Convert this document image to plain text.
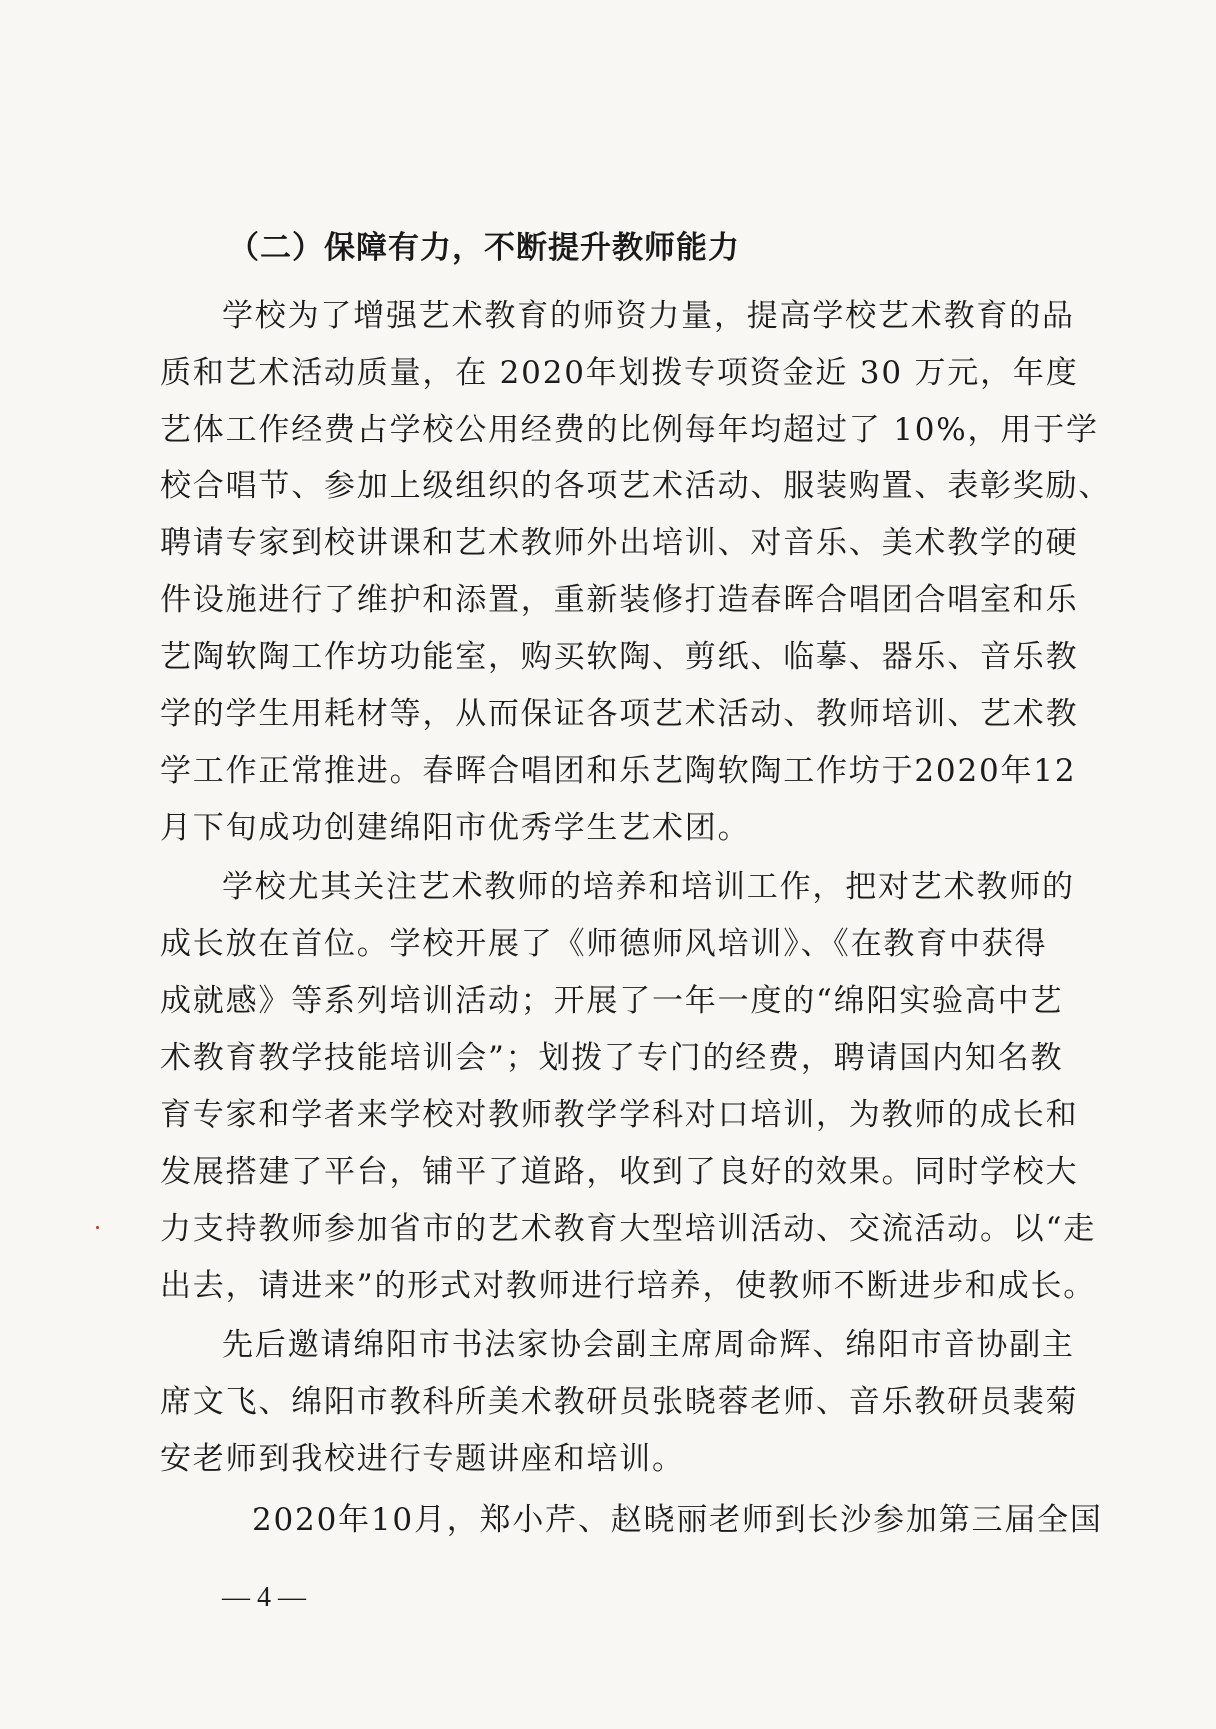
（二）保障有力，不断提升教师能力
学校为了增强艺术教育的师资力量，提高学校艺术教育的品
质和艺术活动质量，在 2020年划拨专项资金近 30 万元，年度
艺体工作经费占学校公用经费的比例每年均超过了 10%，用于学
校合唱节、参加上级组织的各项艺术活动、服装购置、表彰奖励、
聘请专家到校讲课和艺术教师外出培训、对音乐、美术教学的硬
件设施进行了维护和添置，重新装修打造春晖合唱团合唱室和乐
艺陶软陶工作坊功能室，购买软陶、剪纸、临摹、器乐、音乐教
学的学生用耗材等，从而保证各项艺术活动、教师培训、艺术教
学工作正常推进。春晖合唱团和乐艺陶软陶工作坊于2020年12
月下旬成功创建绵阳市优秀学生艺术团。
学校尤其关注艺术教师的培养和培训工作，把对艺术教师的
成长放在首位。学校开展了《师德师风培训》、《在教育中获得
成就感》等系列培训活动；开展了一年一度的“绵阳实验高中艺
术教育教学技能培训会”；划拨了专门的经费，聘请国内知名教
育专家和学者来学校对教师教学学科对口培训，为教师的成长和
发展搭建了平台，铺平了道路，收到了良好的效果。同时学校大
力支持教师参加省市的艺术教育大型培训活动、交流活动。以“走
出去，请进来”的形式对教师进行培养，使教师不断进步和成长。
先后邀请绵阳市书法家协会副主席周命辉、绵阳市音协副主
席文飞、绵阳市教科所美术教研员张晓蓉老师、音乐教研员裴菊
安老师到我校进行专题讲座和培训。
2020年10月，郑小芹、赵晓丽老师到长沙参加第三届全国
— 4 —
